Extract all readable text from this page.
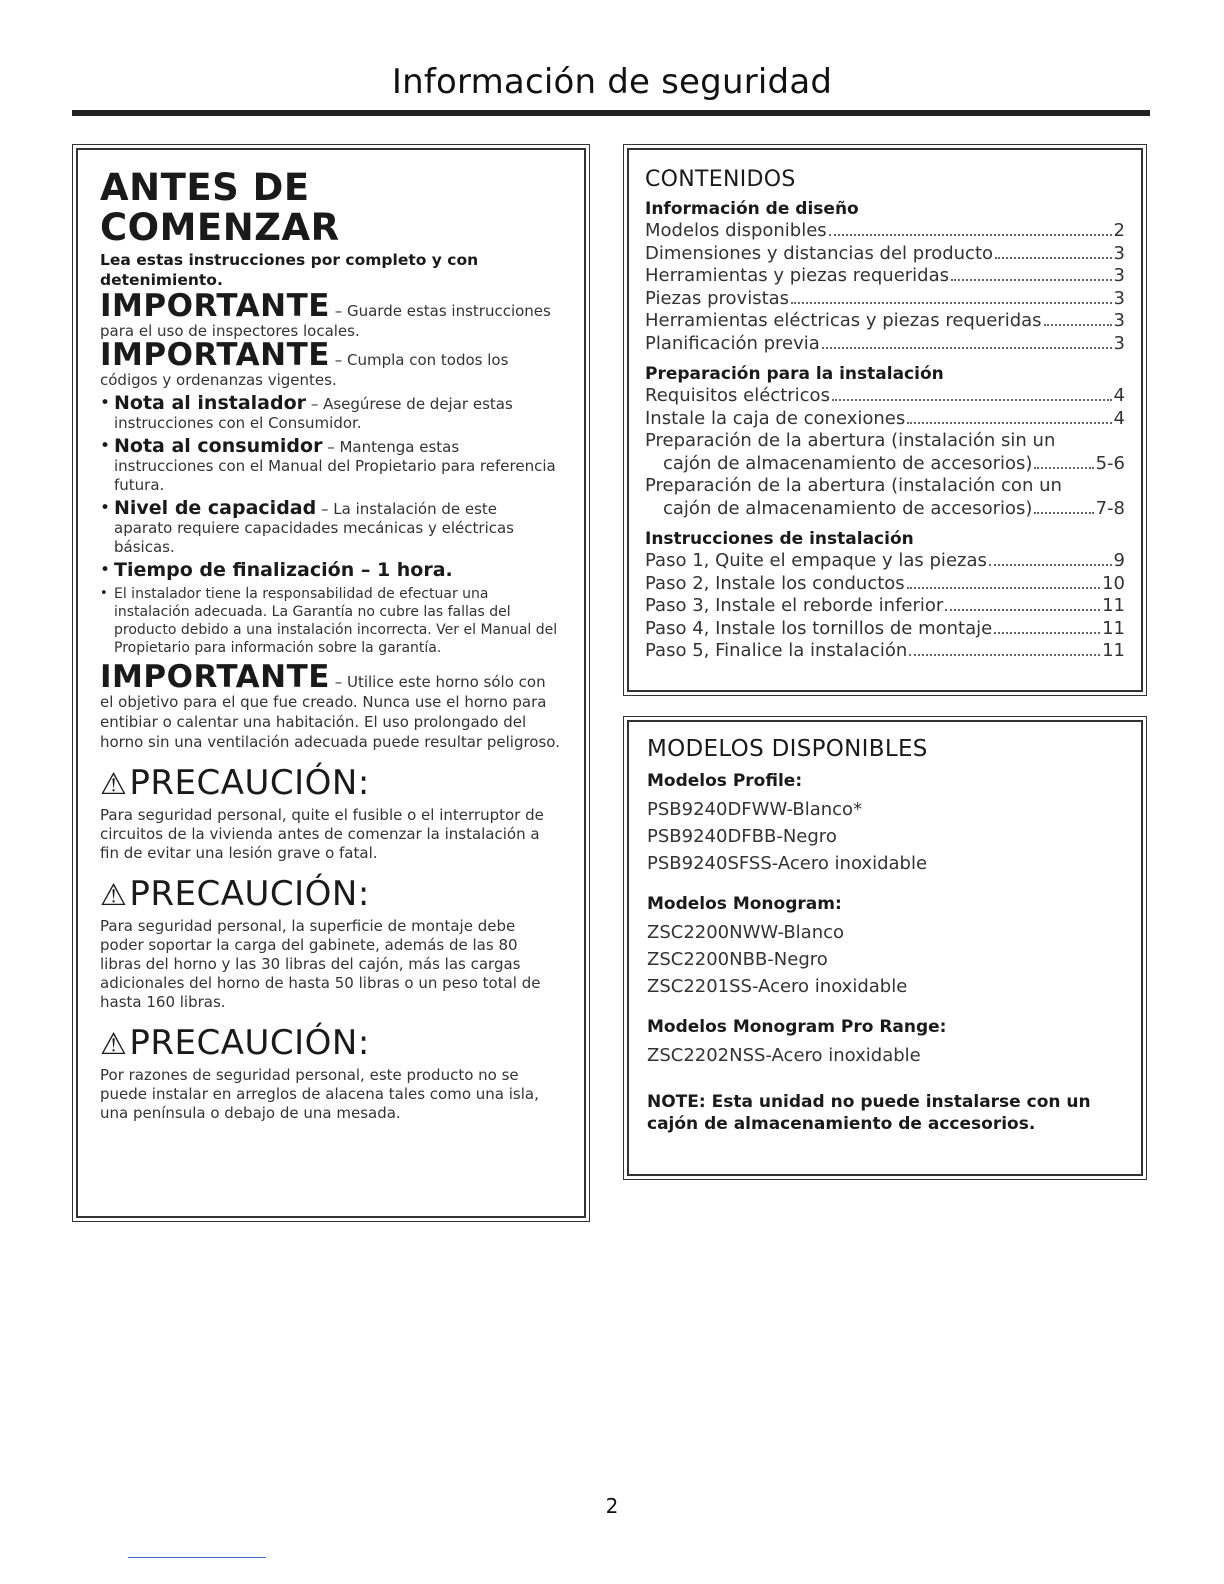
Información de seguridad
ANTES DE COMENZAR
Lea estas instrucciones por completo y con detenimiento.
IMPORTANTE – Guarde estas instrucciones para el uso de inspectores locales.
IMPORTANTE – Cumpla con todos los códigos y ordenanzas vigentes.
• Nota al instalador – Asegúrese de dejar estas instrucciones con el Consumidor.
• Nota al consumidor – Mantenga estas instrucciones con el Manual del Propietario para referencia futura.
• Nivel de capacidad – La instalación de este aparato requiere capacidades mecánicas y eléctricas básicas.
• Tiempo de finalización – 1 hora.
• El instalador tiene la responsabilidad de efectuar una instalación adecuada. La Garantía no cubre las fallas del producto debido a una instalación incorrecta. Ver el Manual del Propietario para información sobre la garantía.
IMPORTANTE – Utilice este horno sólo con el objetivo para el que fue creado. Nunca use el horno para entibiar o calentar una habitación. El uso prolongado del horno sin una ventilación adecuada puede resultar peligroso.
⚠PRECAUCIÓN:

Para seguridad personal, quite el fusible o el interruptor de circuitos de la vivienda antes de comenzar la instalación a fin de evitar una lesión grave o fatal.

⚠PRECAUCIÓN:

Para seguridad personal, la superficie de montaje debe poder soportar la carga del gabinete, además de las 80 libras del horno y las 30 libras del cajón, más las cargas adicionales del horno de hasta 50 libras o un peso total de hasta 160 libras.

⚠PRECAUCIÓN:

Por razones de seguridad personal, este producto no se puede instalar en arreglos de alacena tales como una isla, una península o debajo de una mesada.

CONTENIDOS
Información de diseño
Modelos disponibles	2
Dimensiones y distancias del producto	3
Herramientas y piezas requeridas	3
Piezas provistas	3
Herramientas eléctricas y piezas requeridas	3
Planificación previa	3
Preparación para la instalación
Requisitos eléctricos	4
Instale la caja de conexiones	4
Preparación de la abertura (instalación sin un
cajón de almacenamiento de accesorios)	5-6
Preparación de la abertura (instalación con un
cajón de almacenamiento de accesorios)	7-8
Instrucciones de instalación
Paso 1, Quite el empaque y las piezas	9
Paso 2, Instale los conductos	10
Paso 3, Instale el reborde inferior	11
Paso 4, Instale los tornillos de montaje	11
Paso 5, Finalice la instalación	11
MODELOS DISPONIBLES
Modelos Profile:
PSB9240DFWW-Blanco*
PSB9240DFBB-Negro
PSB9240SFSS-Acero inoxidable
Modelos Monogram:
ZSC2200NWW-Blanco
ZSC2200NBB-Negro
ZSC2201SS-Acero inoxidable
Modelos Monogram Pro Range:
ZSC2202NSS-Acero inoxidable
NOTE: Esta unidad no puede instalarse con un cajón de almacenamiento de accesorios.
2
